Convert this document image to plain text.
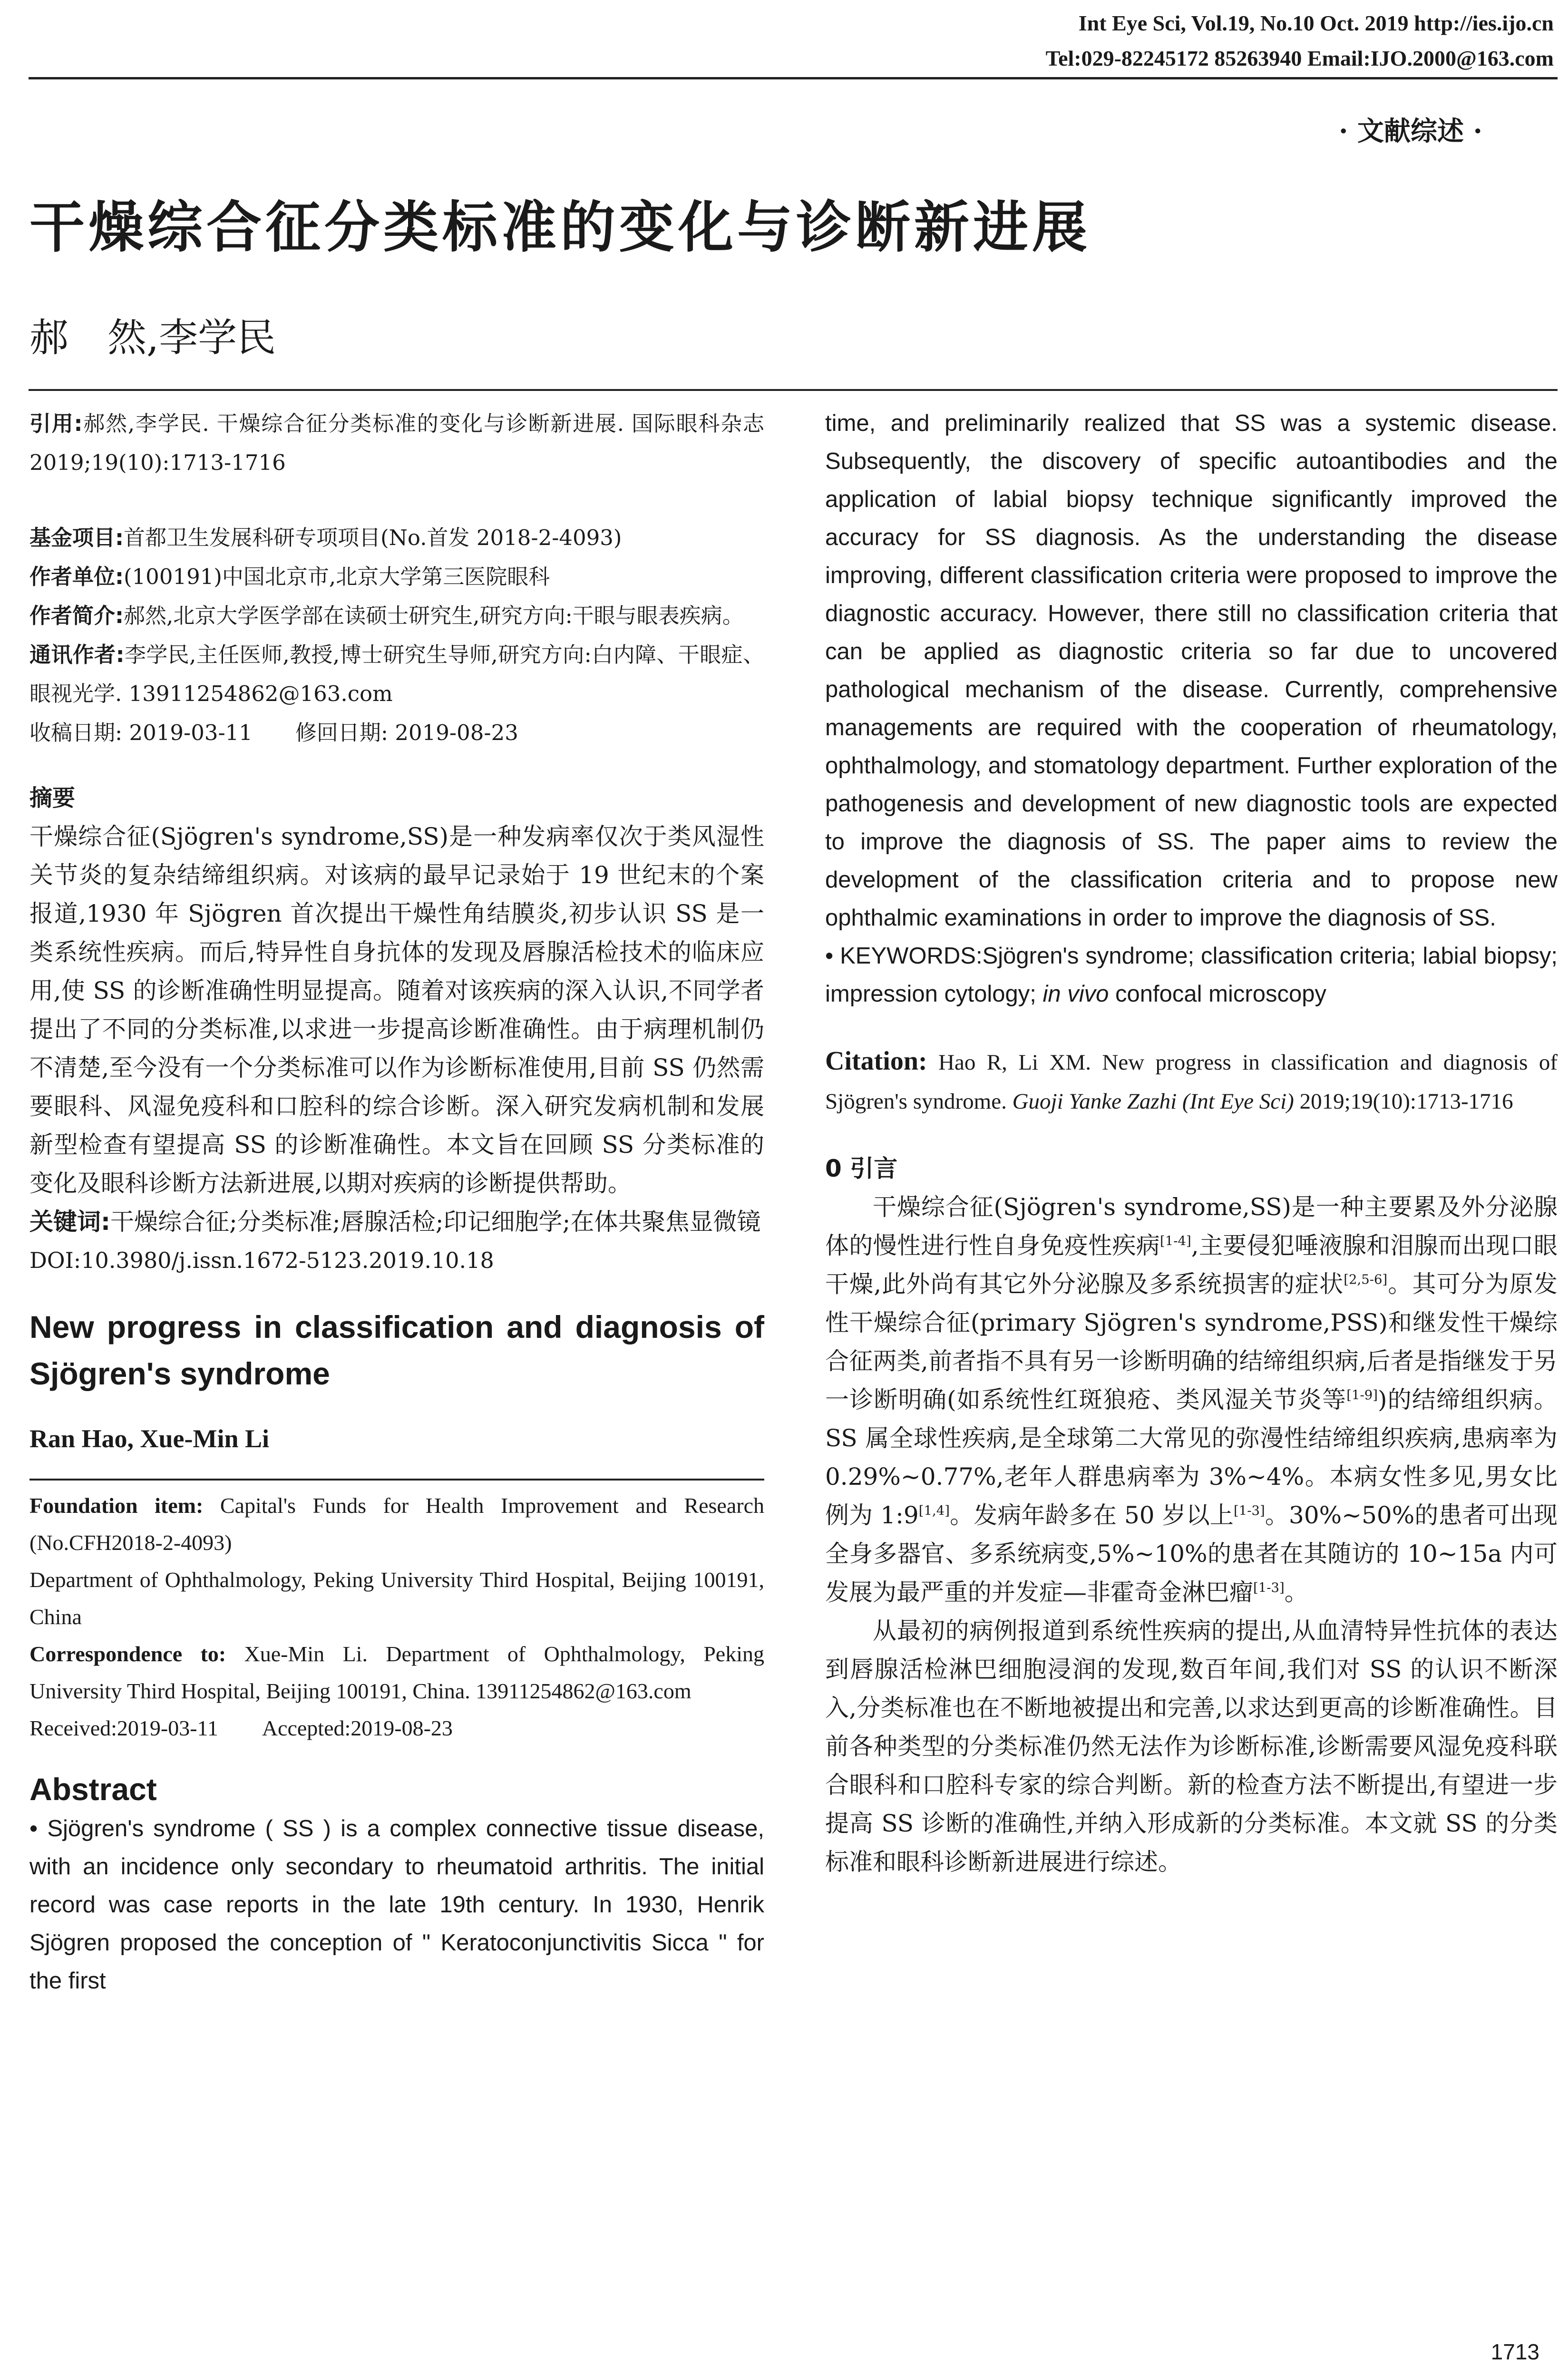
Int Eye Sci, Vol.19, No.10 Oct. 2019 http://ies.ijo.cn
Tel:029-82245172 85263940 Email:IJO.2000@163.com
· 文献综述 ·
干燥综合征分类标准的变化与诊断新进展
郝　然,李学民

引用:郝然,李学民. 干燥综合征分类标准的变化与诊断新进展. 国际眼科杂志 2019;19(10):1713-1716

基金项目:首都卫生发展科研专项项目(No.首发 2018-2-4093)

作者单位:(100191)中国北京市,北京大学第三医院眼科

作者简介:郝然,北京大学医学部在读硕士研究生,研究方向:干眼与眼表疾病。

通讯作者:李学民,主任医师,教授,博士研究生导师,研究方向:白内障、干眼症、眼视光学. 13911254862@163.com

收稿日期: 2019-03-11　　修回日期: 2019-08-23

摘要

干燥综合征(Sjögren's syndrome,SS)是一种发病率仅次于类风湿性关节炎的复杂结缔组织病。对该病的最早记录始于 19 世纪末的个案报道,1930 年 Sjögren 首次提出干燥性角结膜炎,初步认识 SS 是一类系统性疾病。而后,特异性自身抗体的发现及唇腺活检技术的临床应用,使 SS 的诊断准确性明显提高。随着对该疾病的深入认识,不同学者提出了不同的分类标准,以求进一步提高诊断准确性。由于病理机制仍不清楚,至今没有一个分类标准可以作为诊断标准使用,目前 SS 仍然需要眼科、风湿免疫科和口腔科的综合诊断。深入研究发病机制和发展新型检查有望提高 SS 的诊断准确性。本文旨在回顾 SS 分类标准的变化及眼科诊断方法新进展,以期对疾病的诊断提供帮助。

关键词:干燥综合征;分类标准;唇腺活检;印记细胞学;在体共聚焦显微镜

DOI:10.3980/j.issn.1672-5123.2019.10.18

New progress in classification and diagnosis of Sjögren's syndrome

Ran Hao, Xue-Min Li

Foundation item: Capital's Funds for Health Improvement and Research (No.CFH2018-2-4093)

Department of Ophthalmology, Peking University Third Hospital, Beijing 100191, China

Correspondence to: Xue-Min Li. Department of Ophthalmology, Peking University Third Hospital, Beijing 100191, China. 13911254862@163.com

Received:2019-03-11　　Accepted:2019-08-23

Abstract

• Sjögren's syndrome ( SS ) is a complex connective tissue disease, with an incidence only secondary to rheumatoid arthritis. The initial record was case reports in the late 19th century. In 1930, Henrik Sjögren proposed the conception of " Keratoconjunctivitis Sicca " for the first

time, and preliminarily realized that SS was a systemic disease. Subsequently, the discovery of specific autoantibodies and the application of labial biopsy technique significantly improved the accuracy for SS diagnosis. As the understanding the disease improving, different classification criteria were proposed to improve the diagnostic accuracy. However, there still no classification criteria that can be applied as diagnostic criteria so far due to uncovered pathological mechanism of the disease. Currently, comprehensive managements are required with the cooperation of rheumatology, ophthalmology, and stomatology department. Further exploration of the pathogenesis and development of new diagnostic tools are expected to improve the diagnosis of SS. The paper aims to review the development of the classification criteria and to propose new ophthalmic examinations in order to improve the diagnosis of SS.

• KEYWORDS:Sjögren's syndrome; classification criteria; labial biopsy; impression cytology; in vivo confocal microscopy

Citation: Hao R, Li XM. New progress in classification and diagnosis of Sjögren's syndrome. Guoji Yanke Zazhi (Int Eye Sci) 2019;19(10):1713-1716

0 引言

干燥综合征(Sjögren's syndrome,SS)是一种主要累及外分泌腺体的慢性进行性自身免疫性疾病[1-4],主要侵犯唾液腺和泪腺而出现口眼干燥,此外尚有其它外分泌腺及多系统损害的症状[2,5-6]。其可分为原发性干燥综合征(primary Sjögren's syndrome,PSS)和继发性干燥综合征两类,前者指不具有另一诊断明确的结缔组织病,后者是指继发于另一诊断明确(如系统性红斑狼疮、类风湿关节炎等[1-9])的结缔组织病。SS 属全球性疾病,是全球第二大常见的弥漫性结缔组织疾病,患病率为 0.29%~0.77%,老年人群患病率为 3%~4%。本病女性多见,男女比例为 1:9[1,4]。发病年龄多在 50 岁以上[1-3]。30%~50%的患者可出现全身多器官、多系统病变,5%~10%的患者在其随访的 10~15a 内可发展为最严重的并发症—非霍奇金淋巴瘤[1-3]。

从最初的病例报道到系统性疾病的提出,从血清特异性抗体的表达到唇腺活检淋巴细胞浸润的发现,数百年间,我们对 SS 的认识不断深入,分类标准也在不断地被提出和完善,以求达到更高的诊断准确性。目前各种类型的分类标准仍然无法作为诊断标准,诊断需要风湿免疫科联合眼科和口腔科专家的综合判断。新的检查方法不断提出,有望进一步提高 SS 诊断的准确性,并纳入形成新的分类标准。本文就 SS 的分类标准和眼科诊断新进展进行综述。

1713
